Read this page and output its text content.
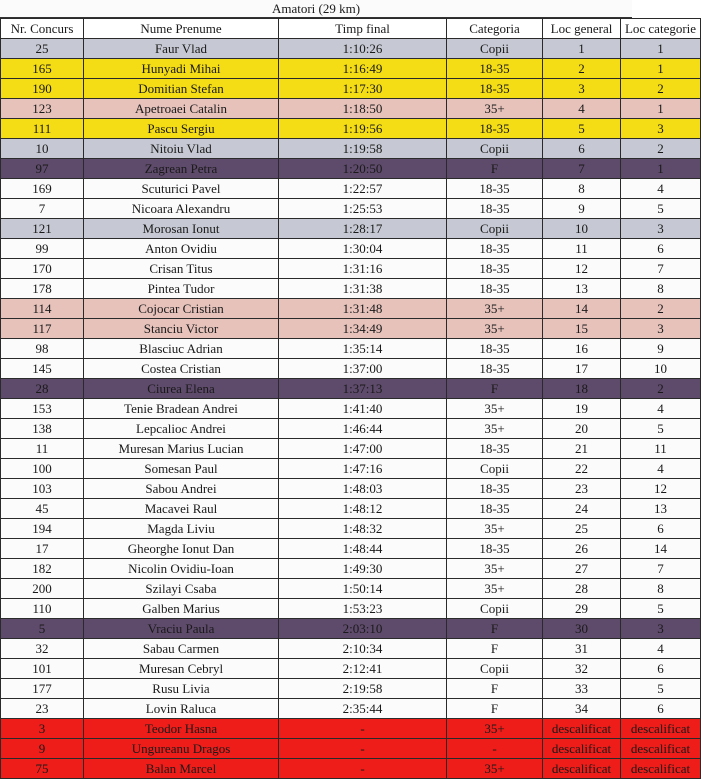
Amatori (29 km)
Nr. Concurs	Nume Prenume	Timp final	Categoria	Loc general	Loc categorie
25	Faur Vlad	1:10:26	Copii	1	1
165	Hunyadi Mihai	1:16:49	18-35	2	1
190	Domitian Stefan	1:17:30	18-35	3	2
123	Apetroaei Catalin	1:18:50	35+	4	1
111	Pascu Sergiu	1:19:56	18-35	5	3
10	Nitoiu Vlad	1:19:58	Copii	6	2
97	Zagrean Petra	1:20:50	F	7	1
169	Scuturici Pavel	1:22:57	18-35	8	4
7	Nicoara Alexandru	1:25:53	18-35	9	5
121	Morosan Ionut	1:28:17	Copii	10	3
99	Anton Ovidiu	1:30:04	18-35	11	6
170	Crisan Titus	1:31:16	18-35	12	7
178	Pintea Tudor	1:31:38	18-35	13	8
114	Cojocar Cristian	1:31:48	35+	14	2
117	Stanciu Victor	1:34:49	35+	15	3
98	Blasciuc Adrian	1:35:14	18-35	16	9
145	Costea Cristian	1:37:00	18-35	17	10
28	Ciurea Elena	1:37:13	F	18	2
153	Tenie Bradean Andrei	1:41:40	35+	19	4
138	Lepcalioc Andrei	1:46:44	35+	20	5
11	Muresan Marius Lucian	1:47:00	18-35	21	11
100	Somesan Paul	1:47:16	Copii	22	4
103	Sabou Andrei	1:48:03	18-35	23	12
45	Macavei Raul	1:48:12	18-35	24	13
194	Magda Liviu	1:48:32	35+	25	6
17	Gheorghe Ionut Dan	1:48:44	18-35	26	14
182	Nicolin Ovidiu-Ioan	1:49:30	35+	27	7
200	Szilayi Csaba	1:50:14	35+	28	8
110	Galben Marius	1:53:23	Copii	29	5
5	Vraciu Paula	2:03:10	F	30	3
32	Sabau Carmen	2:10:34	F	31	4
101	Muresan Cebryl	2:12:41	Copii	32	6
177	Rusu Livia	2:19:58	F	33	5
23	Lovin Raluca	2:35:44	F	34	6
3	Teodor Hasna	-	35+	descalificat	descalificat
9	Ungureanu Dragos	-	-	descalificat	descalificat
75	Balan Marcel	-	35+	descalificat	descalificat
